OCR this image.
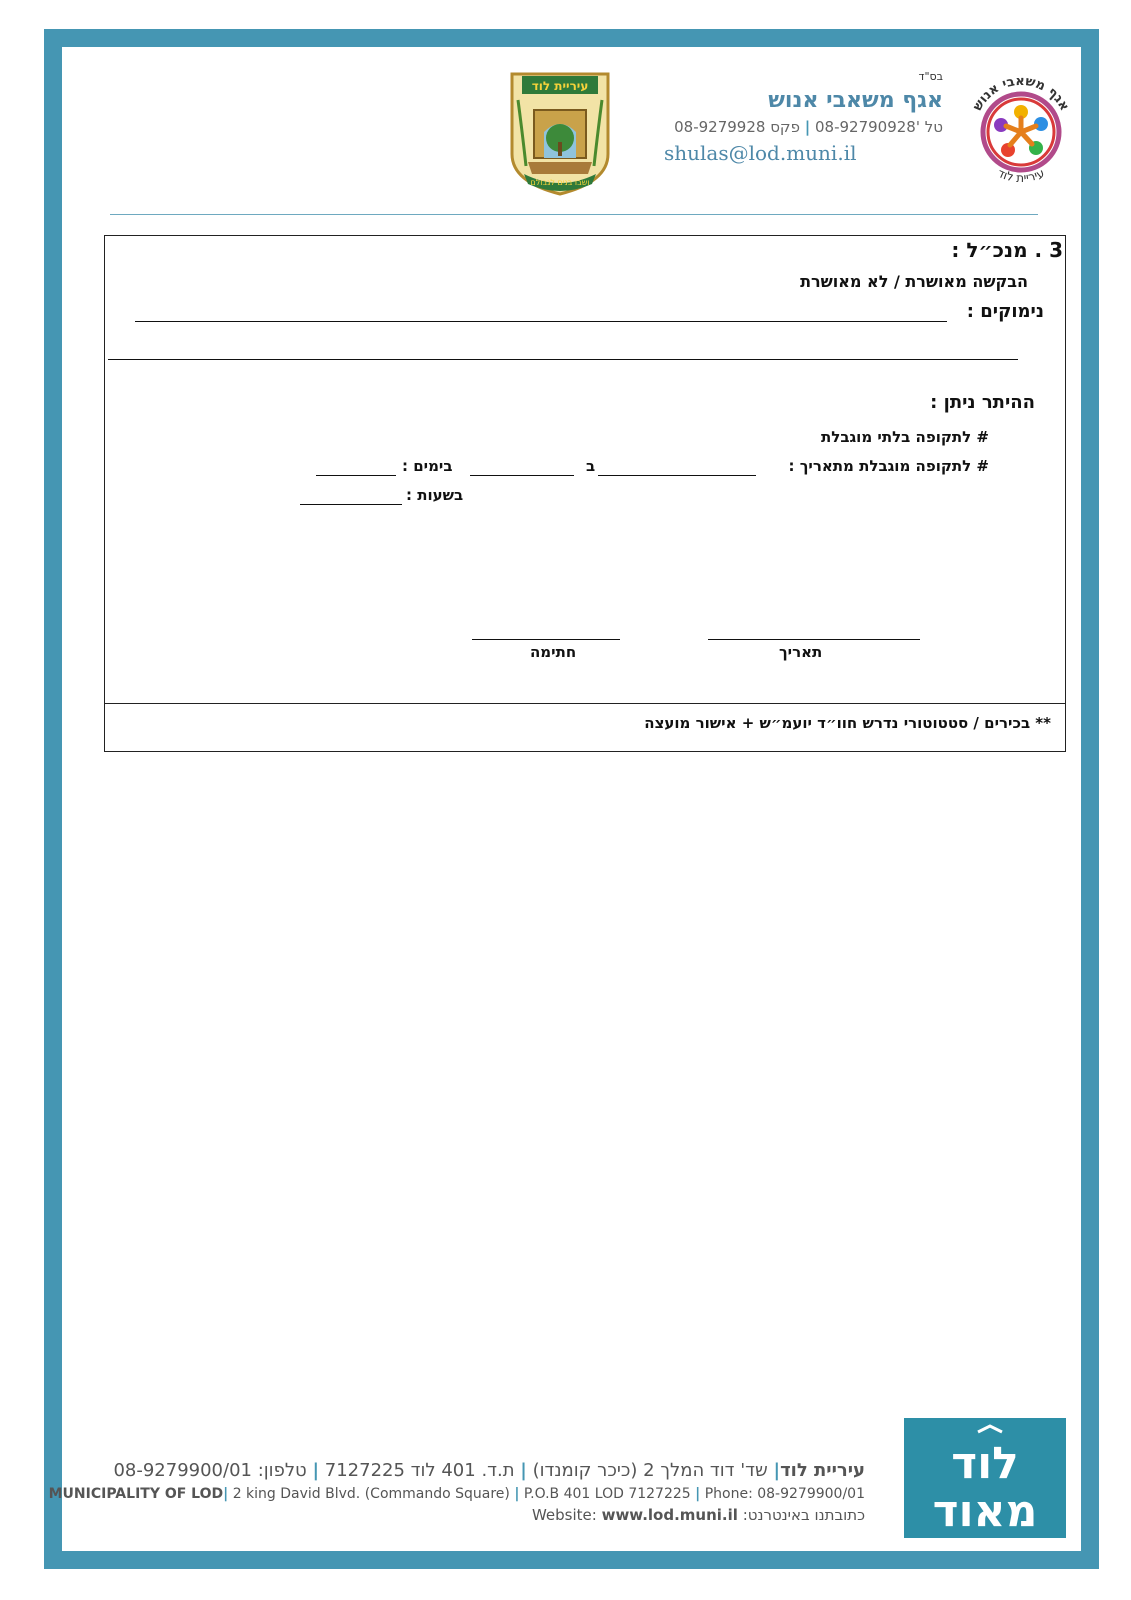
אגף משאבי אנוש
עיריית לוד
עיריית לוד
ושבו בנים לגבולם
בס"ד
אגף משאבי אנוש
טל '08-92790928 | פקס 08-9279928
shulas@lod.muni.il
3 . מנכ״ל :
הבקשה מאושרת / לא מאושרת
נימוקים :
ההיתר ניתן :
# לתקופה בלתי מוגבלת
# לתקופה מוגבלת מתאריך :
ב
בימים :
בשעות :
תאריך
חתימה
** בכירים / סטטוטורי נדרש חוו״ד יועמ״ש + אישור מועצה
עיריית לוד| שד' דוד המלך 2 (כיכר קומנדו) | ת.ד. 401 לוד 7127225 | טלפון: 08-9279900/01
MUNICIPALITY OF LOD| 2 king David Blvd. (Commando Square) | P.O.B 401 LOD 7127225 | Phone: 08-9279900/01
Website: www.lod.muni.il כתובתנו באינטרנט:
לוד
מאוד
